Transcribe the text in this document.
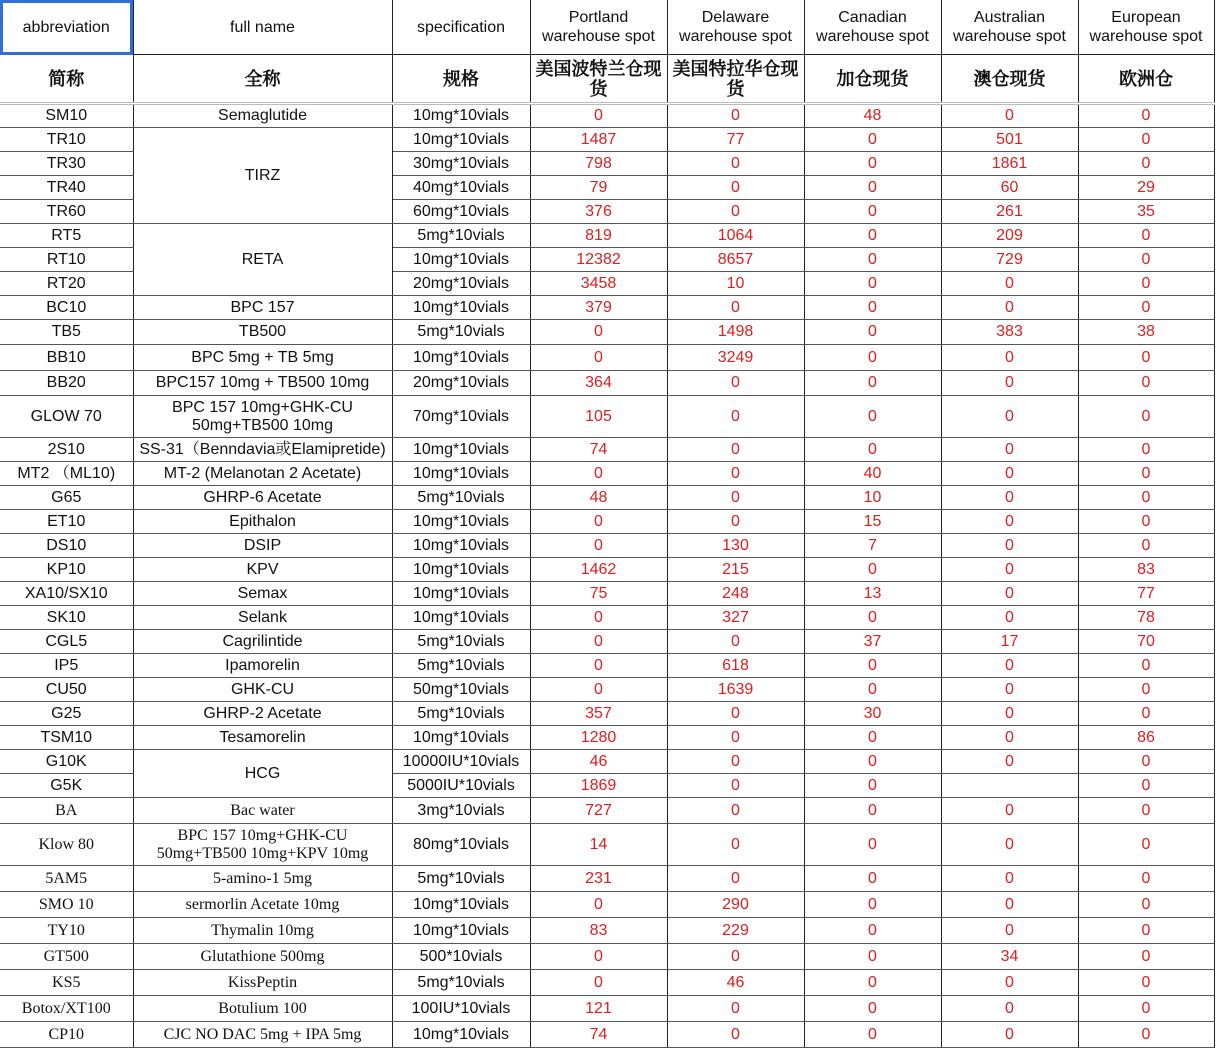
abbreviation	full name	specification	Portland warehouse spot	Delaware warehouse spot	Canadian warehouse spot	Australian warehouse spot	European warehouse spot
简称	全称	规格	美国波特兰仓现货	美国特拉华仓现货	加仓现货	澳仓现货	欧洲仓
SM10	Semaglutide	10mg*10vials	0	0	48	0	0
TR10	TIRZ	10mg*10vials	1487	77	0	501	0
TR30		30mg*10vials	798	0	0	1861	0
TR40		40mg*10vials	79	0	0	60	29
TR60		60mg*10vials	376	0	0	261	35
RT5	RETA	5mg*10vials	819	1064	0	209	0
RT10		10mg*10vials	12382	8657	0	729	0
RT20		20mg*10vials	3458	10	0	0	0
BC10	BPC 157	10mg*10vials	379	0	0	0	0
TB5	TB500	5mg*10vials	0	1498	0	383	38
BB10	BPC 5mg + TB 5mg	10mg*10vials	0	3249	0	0	0
BB20	BPC157 10mg + TB500 10mg	20mg*10vials	364	0	0	0	0
GLOW 70	BPC 157 10mg+GHK-CU 50mg+TB500 10mg	70mg*10vials	105	0	0	0	0
2S10	SS-31（Benndavia或Elamipretide)	10mg*10vials	74	0	0	0	0
MT2 （ML10)	MT-2 (Melanotan 2 Acetate)	10mg*10vials	0	0	40	0	0
G65	GHRP-6 Acetate	5mg*10vials	48	0	10	0	0
ET10	Epithalon	10mg*10vials	0	0	15	0	0
DS10	DSIP	10mg*10vials	0	130	7	0	0
KP10	KPV	10mg*10vials	1462	215	0	0	83
XA10/SX10	Semax	10mg*10vials	75	248	13	0	77
SK10	Selank	10mg*10vials	0	327	0	0	78
CGL5	Cagrilintide	5mg*10vials	0	0	37	17	70
IP5	Ipamorelin	5mg*10vials	0	618	0	0	0
CU50	GHK-CU	50mg*10vials	0	1639	0	0	0
G25	GHRP-2 Acetate	5mg*10vials	357	0	30	0	0
TSM10	Tesamorelin	10mg*10vials	1280	0	0	0	86
G10K	HCG	10000IU*10vials	46	0	0	0	0
G5K		5000IU*10vials	1869	0	0		0
BA	Bac water	3mg*10vials	727	0	0	0	0
Klow 80	BPC 157 10mg+GHK-CU 50mg+TB500 10mg+KPV 10mg	80mg*10vials	14	0	0	0	0
5AM5	5-amino-1 5mg	5mg*10vials	231	0	0	0	0
SMO 10	sermorlin Acetate 10mg	10mg*10vials	0	290	0	0	0
TY10	Thymalin 10mg	10mg*10vials	83	229	0	0	0
GT500	Glutathione 500mg	500*10vials	0	0	0	34	0
KS5	KissPeptin	5mg*10vials	0	46	0	0	0
Botox/XT100	Botulium 100	100IU*10vials	121	0	0	0	0
CP10	CJC NO DAC 5mg + IPA 5mg	10mg*10vials	74	0	0	0	0
